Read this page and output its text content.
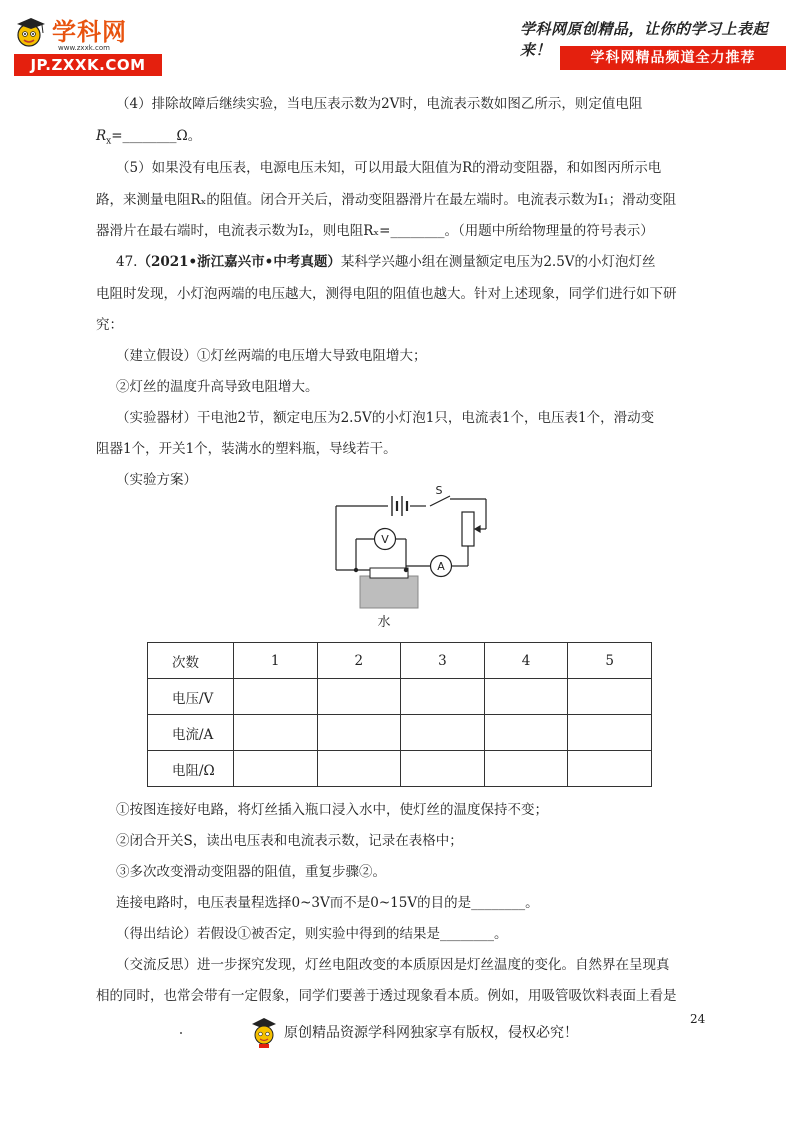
学科网
www.zxxk.com
JP.ZXXK.COM
学科网原创精品，让你的学习上表起来！	学科网精品频道全力推荐
（4）排除故障后继续实验，当电压表示数为2V时，电流表示数如图乙所示，则定值电阻
$R_x=\_\_\_\_\_\_\_\_\Omega$。
（5）如果没有电压表，电源电压未知，可以用最大阻值为R的滑动变阻器，和如图丙所示电
路，来测量电阻Rₓ的阻值。闭合开关后，滑动变阻器滑片在最左端时。电流表示数为I₁；滑动变阻
器滑片在最右端时，电流表示数为I₂，则电阻Rₓ=________。（用题中所给物理量的符号表示）
47.（2021•浙江嘉兴市•中考真题）某科学兴趣小组在测量额定电压为2.5V的小灯泡灯丝
电阻时发现，小灯泡两端的电压越大，测得电阻的阻值也越大。针对上述现象，同学们进行如下研
究：
（建立假设）①灯丝两端的电压增大导致电阻增大；
②灯丝的温度升高导致电阻增大。
（实验器材）干电池2节，额定电压为2.5V的小灯泡1只，电流表1个，电压表1个，滑动变
阻器1个，开关1个，装满水的塑料瓶，导线若干。
（实验方案）
V
A
S
水
次数	1	2	3	4	5
电压/V					
电流/A					
电阻/Ω					
①按图连接好电路，将灯丝插入瓶口浸入水中，使灯丝的温度保持不变；
②闭合开关S，读出电压表和电流表示数，记录在表格中；
③多次改变滑动变阻器的阻值，重复步骤②。
连接电路时，电压表量程选择0~3V而不是0~15V的目的是________。
（得出结论）若假设①被否定，则实验中得到的结果是________。
（交流反思）进一步探究发现，灯丝电阻改变的本质原因是灯丝温度的变化。自然界在呈现真
相的同时，也常会带有一定假象，同学们要善于透过现象看本质。例如，用吸管吸饮料表面上看是
原创精品资源学科网独家享有版权，侵权必究！
24
